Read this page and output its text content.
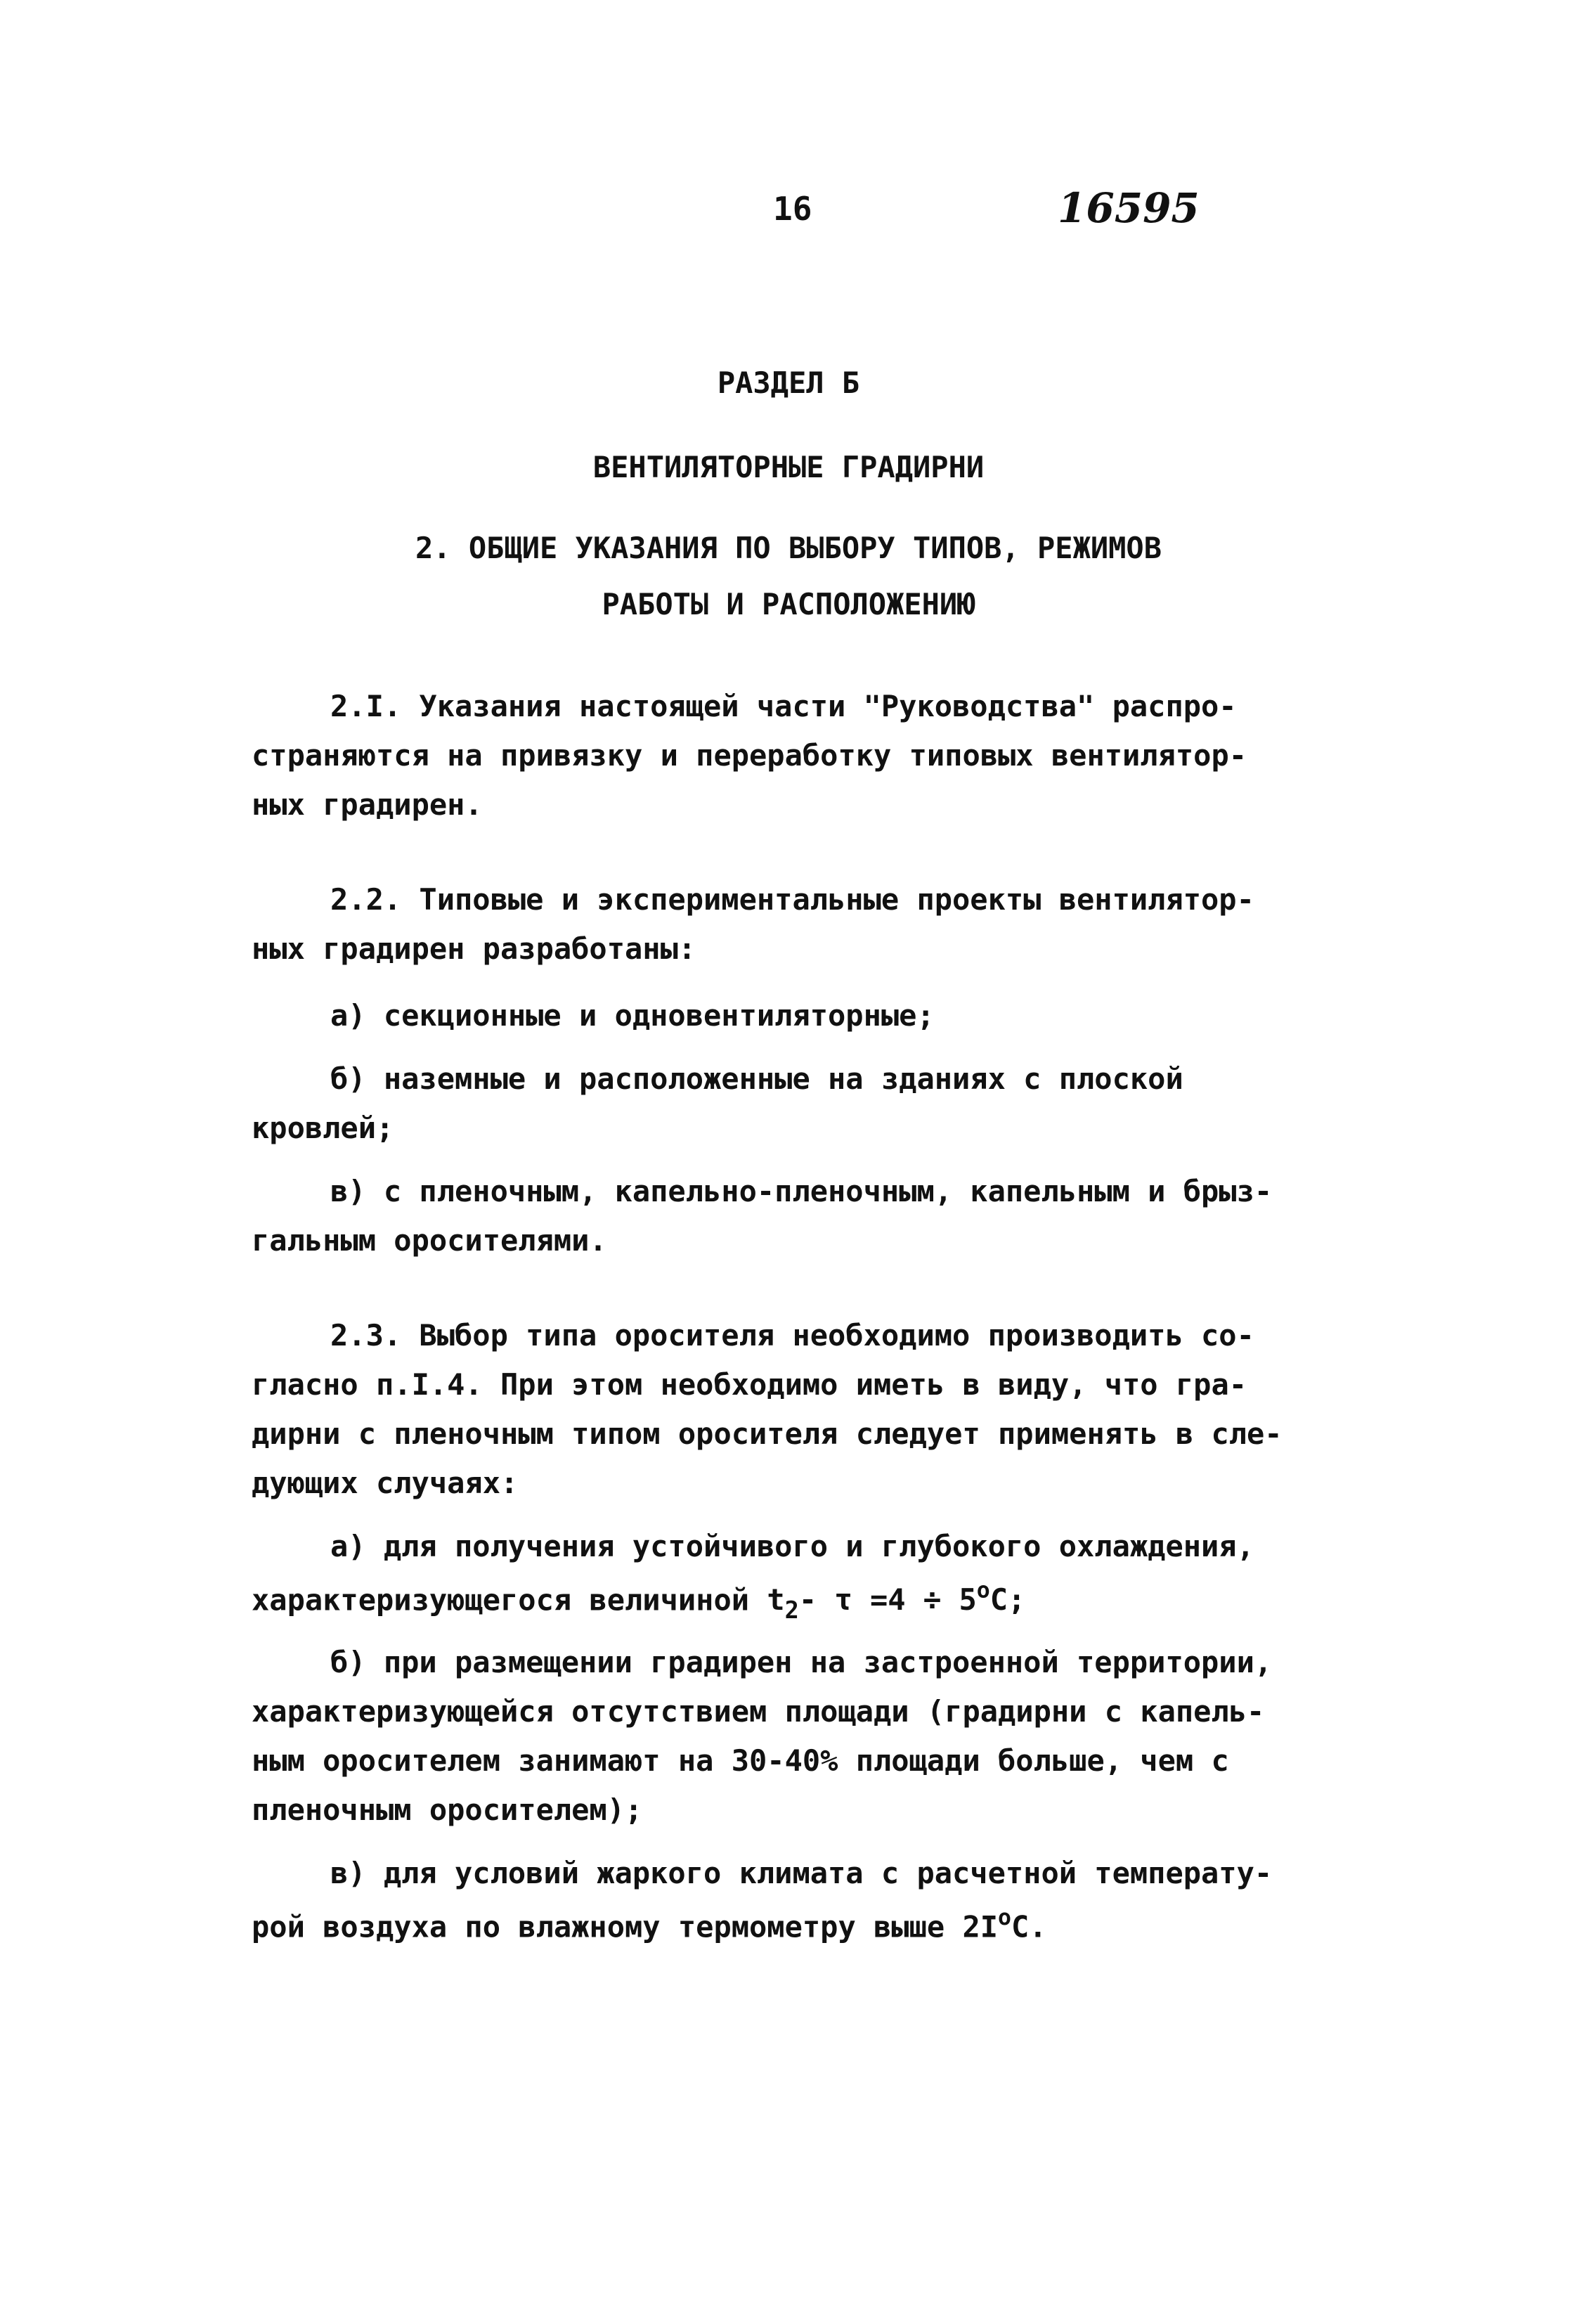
16	16595
РАЗДЕЛ Б
ВЕНТИЛЯТОРНЫЕ ГРАДИРНИ
2. ОБЩИЕ УКАЗАНИЯ ПО ВЫБОРУ ТИПОВ, РЕЖИМОВ
РАБОТЫ И РАСПОЛОЖЕНИЮ
2.I. Указания настоящей части "Руководства" распро-
страняются на привязку и переработку типовых вентилятор-
ных градирен.
2.2. Типовые и экспериментальные проекты вентилятор-
ных градирен разработаны:
а) секционные и одновентиляторные;
б) наземные и расположенные на зданиях с плоской
кровлей;
в) с пленочным, капельно-пленочным, капельным и брыз-
гальным оросителями.
2.3. Выбор типа оросителя необходимо производить со-
гласно п.I.4. При этом необходимо иметь в виду, что гра-
дирни с пленочным типом оросителя следует применять в сле-
дующих случаях:
а) для получения устойчивого и глубокого охлаждения,
характеризующегося величиной $t_2-$ $\tau =4 \div 5^oC$;
б) при размещении градирен на застроенной территории,
характеризующейся отсутствием площади (градирни с капель-
ным оросителем занимают на 30-40% площади больше, чем с
пленочным оросителем);
в) для условий жаркого климата с расчетной температу-
рой воздуха по влажному термометру выше $2I^oC$.
